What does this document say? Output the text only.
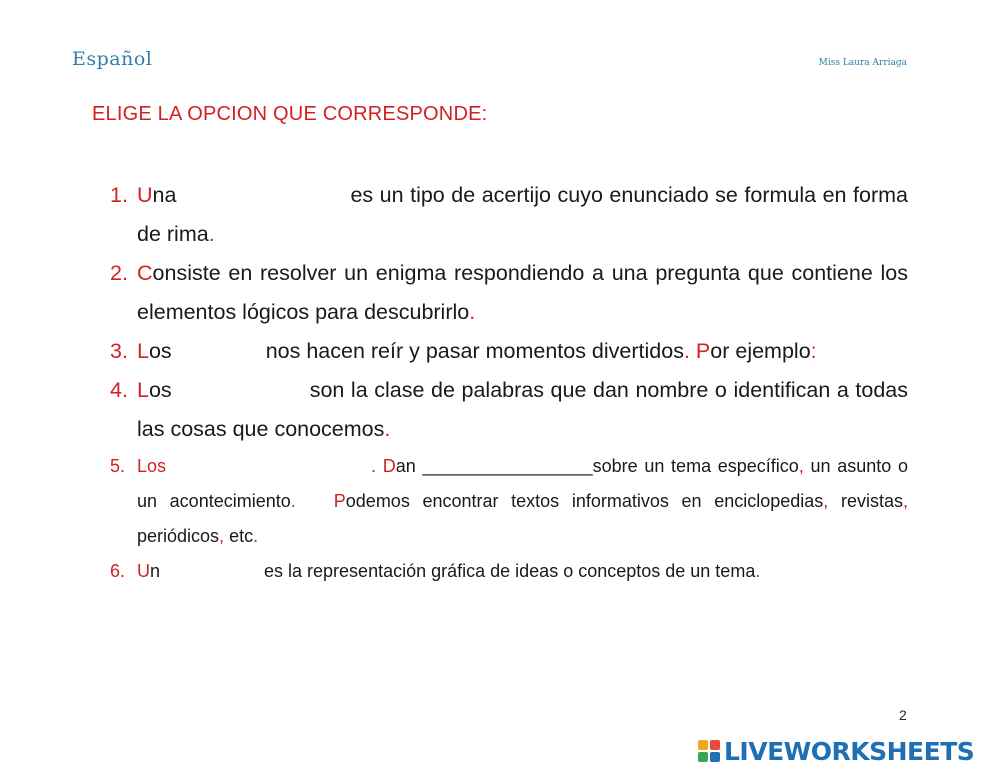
Español	Miss Laura Arriaga
ELIGE LA OPCION QUE CORRESPONDE:
1. Una	es un tipo de acertijo cuyo enunciado se formula en forma de rima.
2. Consiste en resolver un enigma respondiendo a una pregunta que contiene los elementos lógicos para descubrirlo.
3. Los	nos hacen reír y pasar momentos divertidos. Por ejemplo:
4. Los	son la clase de palabras que dan nombre o identifican a todas las cosas que conocemos.
5. Los	. Dan _________________sobre un tema específico, un asunto o un acontecimiento. Podemos encontrar textos informativos en enciclopedias, revistas, periódicos, etc.
6. Un	es la representación gráfica de ideas o conceptos de un tema.
2
LIVEWORKSHEETS
